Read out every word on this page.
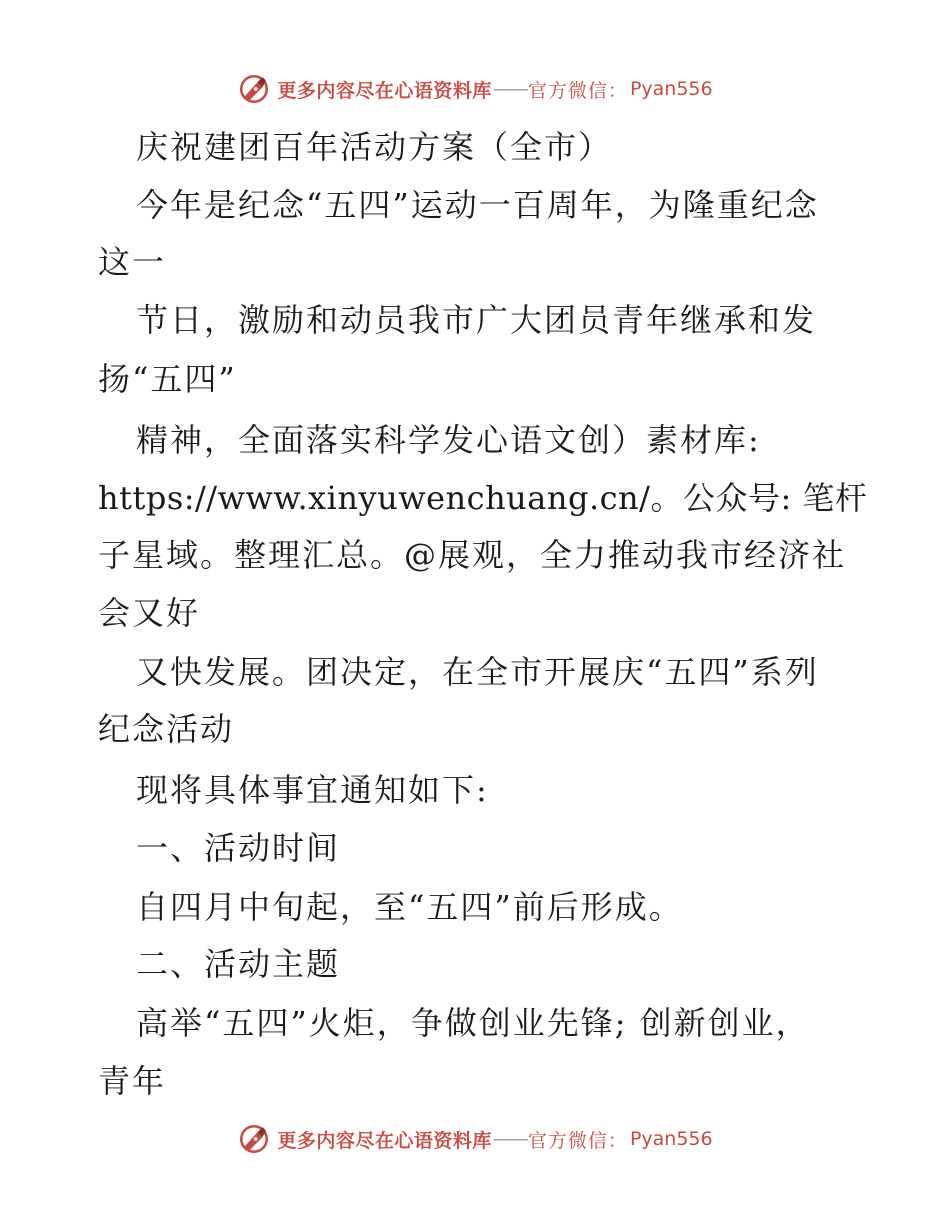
更多内容尽在心语资料库 —— 官方微信： Pyan556
庆祝建团百年活动方案（全市）
今年是纪念“五四”运动一百周年，为隆重纪念
这一
节日，激励和动员我市广大团员青年继承和发
扬“五四”
精神，全面落实科学发心语文创）素材库:
https://www.xinyuwenchuang.cn/。公众号: 笔杆
子星域。整理汇总。@展观，全力推动我市经济社
会又好
又快发展。团决定，在全市开展庆“五四”系列
纪念活动
现将具体事宜通知如下:
一、活动时间
自四月中旬起，至“五四”前后形成。
二、活动主题
高举“五四”火炬，争做创业先锋; 创新创业，
青年
更多内容尽在心语资料库 —— 官方微信： Pyan556
